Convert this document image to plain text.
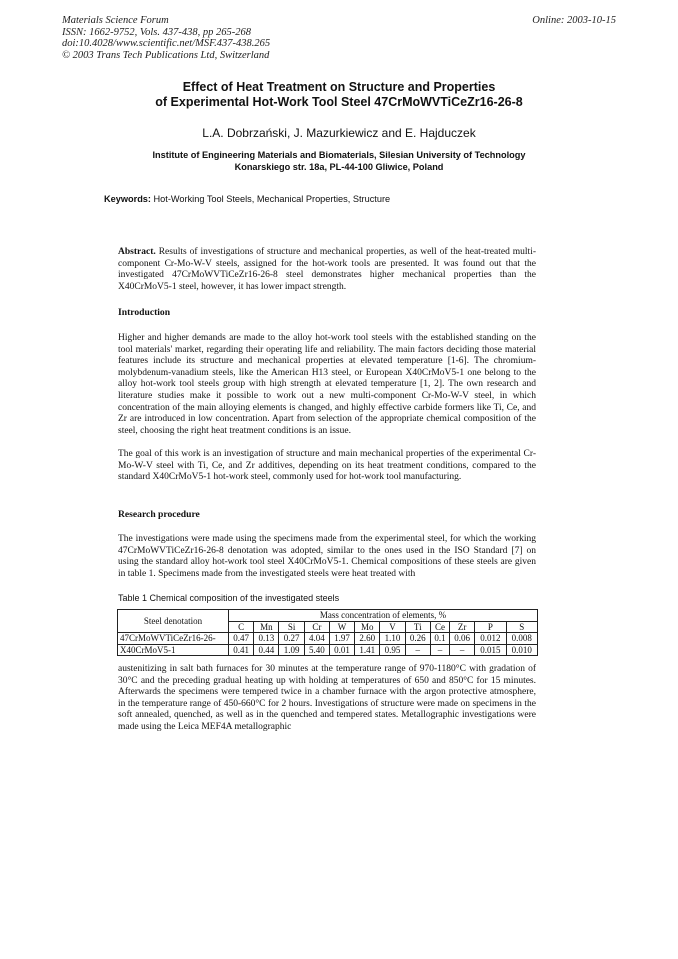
Materials Science Forum
ISSN: 1662-9752, Vols. 437-438, pp 265-268
doi:10.4028/www.scientific.net/MSF.437-438.265
© 2003 Trans Tech Publications Ltd, Switzerland
Online: 2003-10-15
Effect of Heat Treatment on Structure and Properties
of Experimental Hot-Work Tool Steel 47CrMoWVTiCeZr16-26-8
L.A. Dobrzański, J. Mazurkiewicz and E. Hajduczek
Institute of Engineering Materials and Biomaterials, Silesian University of Technology
Konarskiego str. 18a, PL-44-100 Gliwice, Poland
Keywords: Hot-Working Tool Steels, Mechanical Properties, Structure
Abstract. Results of investigations of structure and mechanical properties, as well of the heat-treated multi-component Cr-Mo-W-V steels, assigned for the hot-work tools are presented. It was found out that the investigated 47CrMoWVTiCeZr16-26-8 steel demonstrates higher mechanical properties than the X40CrMoV5-1 steel, however, it has lower impact strength.
Introduction
Higher and higher demands are made to the alloy hot-work tool steels with the established standing on the tool materials' market, regarding their operating life and reliability. The main factors deciding those material features include its structure and mechanical properties at elevated temperature [1-6]. The chromium-molybdenum-vanadium steels, like the American H13 steel, or European X40CrMoV5-1 one belong to the alloy hot-work tool steels group with high strength at elevated temperature [1, 2]. The own research and literature studies make it possible to work out a new multi-component Cr-Mo-W-V steel, in which concentration of the main alloying elements is changed, and highly effective carbide formers like Ti, Ce, and Zr are introduced in low concentration. Apart from selection of the appropriate chemical composition of the steel, choosing the right heat treatment conditions is an issue.
The goal of this work is an investigation of structure and main mechanical properties of the experimental Cr-Mo-W-V steel with Ti, Ce, and Zr additives, depending on its heat treatment conditions, compared to the standard X40CrMoV5-1 hot-work steel, commonly used for hot-work tool manufacturing.
Research procedure
The investigations were made using the specimens made from the experimental steel, for which the working 47CrMoWVTiCeZr16-26-8 denotation was adopted, similar to the ones used in the ISO Standard [7] on using the standard alloy hot-work tool steel X40CrMoV5-1. Chemical compositions of these steels are given in table 1. Specimens made from the investigated steels were heat treated with
Table 1 Chemical composition of the investigated steels
Steel denotation	Mass concentration of elements, %											
	C	Mn	Si	Cr	W	Mo	V	Ti	Ce	Zr	P	S
47CrMoWVTiCeZr16-26-	0.47	0.13	0.27	4.04	1.97	2.60	1.10	0.26	0.1	0.06	0.012	0.008
X40CrMoV5-1	0.41	0.44	1.09	5.40	0.01	1.41	0.95	–	–	–	0.015	0.010
austenitizing in salt bath furnaces for 30 minutes at the temperature range of 970-1180°C with gradation of 30°C and the preceding gradual heating up with holding at temperatures of 650 and 850°C for 15 minutes. Afterwards the specimens were tempered twice in a chamber furnace with the argon protective atmosphere, in the temperature range of 450-660°C for 2 hours. Investigations of structure were made on specimens in the soft annealed, quenched, as well as in the quenched and tempered states. Metallographic investigations were made using the Leica MEF4A metallographic
